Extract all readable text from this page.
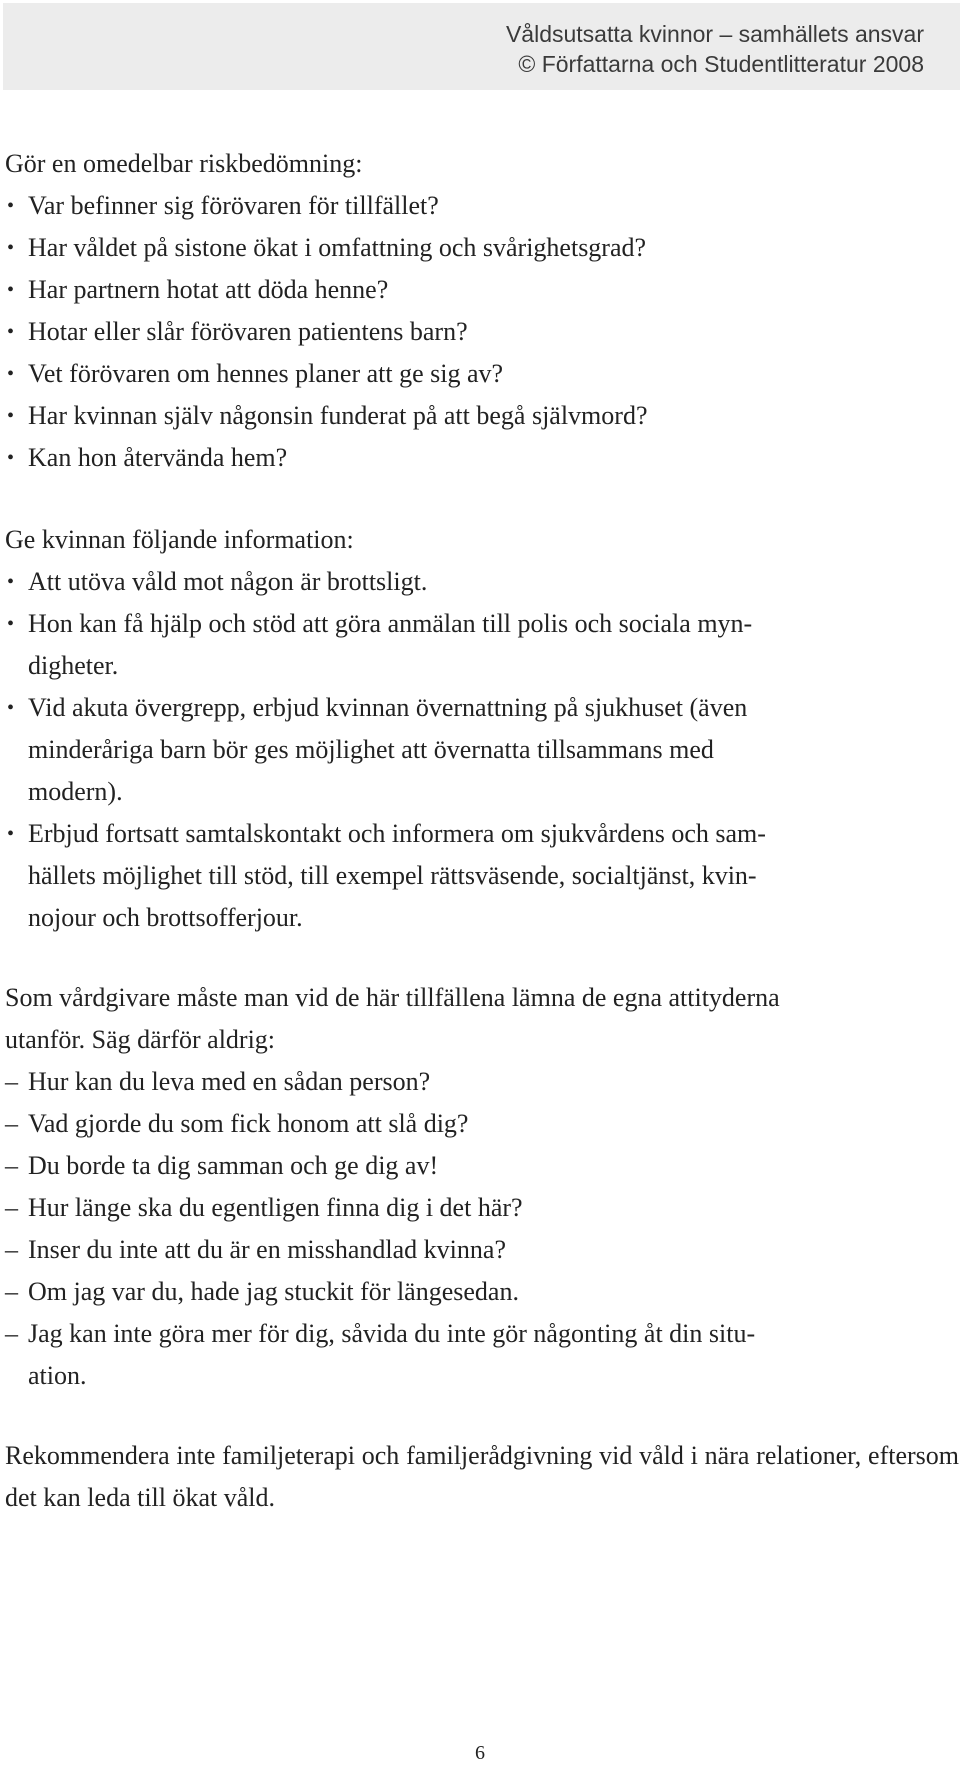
Våldsutsatta kvinnor – samhällets ansvar
© Författarna och Studentlitteratur 2008

Gör en omedelbar riskbedömning:

• Var befinner sig förövaren för tillfället?
• Har våldet på sistone ökat i omfattning och svårighetsgrad?
• Har partnern hotat att döda henne?
• Hotar eller slår förövaren patientens barn?
• Vet förövaren om hennes planer att ge sig av?
• Har kvinnan själv någonsin funderat på att begå självmord?
• Kan hon återvända hem?

Ge kvinnan följande information:

• Att utöva våld mot någon är brottsligt.
• Hon kan få hjälp och stöd att göra anmälan till polis och sociala myn-
digheter.
• Vid akuta övergrepp, erbjud kvinnan övernattning på sjukhuset (även
minderåriga barn bör ges möjlighet att övernatta tillsammans med
modern).
• Erbjud fortsatt samtalskontakt och informera om sjukvårdens och sam-
hällets möjlighet till stöd, till exempel rättsväsende, socialtjänst, kvin-
nojour och brottsofferjour.
Som vårdgivare måste man vid de här tillfällena lämna de egna attityderna
utanför. Säg därför aldrig:
– Hur kan du leva med en sådan person?
– Vad gjorde du som fick honom att slå dig?
– Du borde ta dig samman och ge dig av!
– Hur länge ska du egentligen finna dig i det här?
– Inser du inte att du är en misshandlad kvinna?
– Om jag var du, hade jag stuckit för längesedan.
– Jag kan inte göra mer för dig, såvida du inte gör någonting åt din situ-
ation.

Rekommendera inte familjeterapi och familjerådgivning vid våld i nära relationer, eftersom det kan leda till ökat våld.

6
